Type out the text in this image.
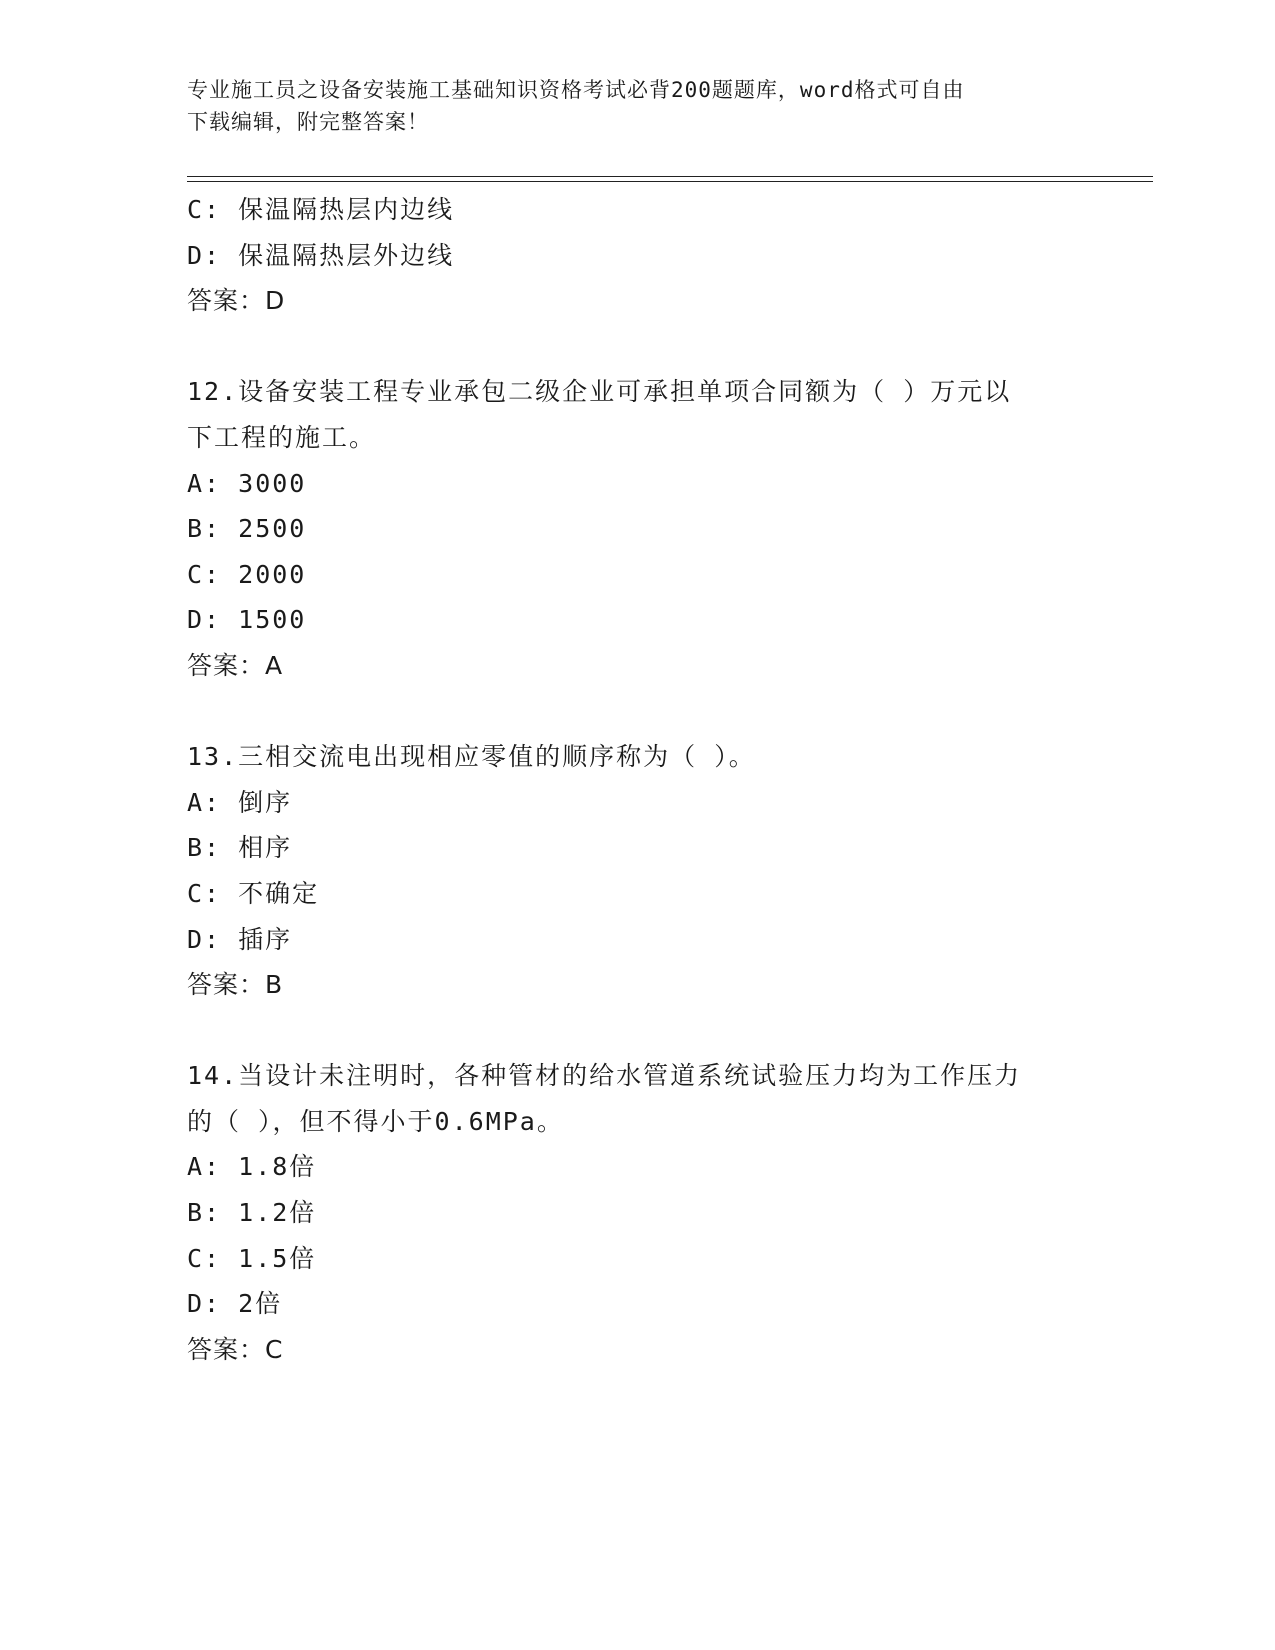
专业施工员之设备安装施工基础知识资格考试必背200题题库，word格式可自由
下载编辑，附完整答案！
C: 保温隔热层内边线
D: 保温隔热层外边线
答案：D
12.设备安装工程专业承包二级企业可承担单项合同额为（ ）万元以
下工程的施工。
A: 3000
B: 2500
C: 2000
D: 1500
答案：A
13.三相交流电出现相应零值的顺序称为（ ）。
A: 倒序
B: 相序
C: 不确定
D: 插序
答案：B
14.当设计未注明时，各种管材的给水管道系统试验压力均为工作压力
的（ ），但不得小于0.6MPa。
A: 1.8倍
B: 1.2倍
C: 1.5倍
D: 2倍
答案：C
